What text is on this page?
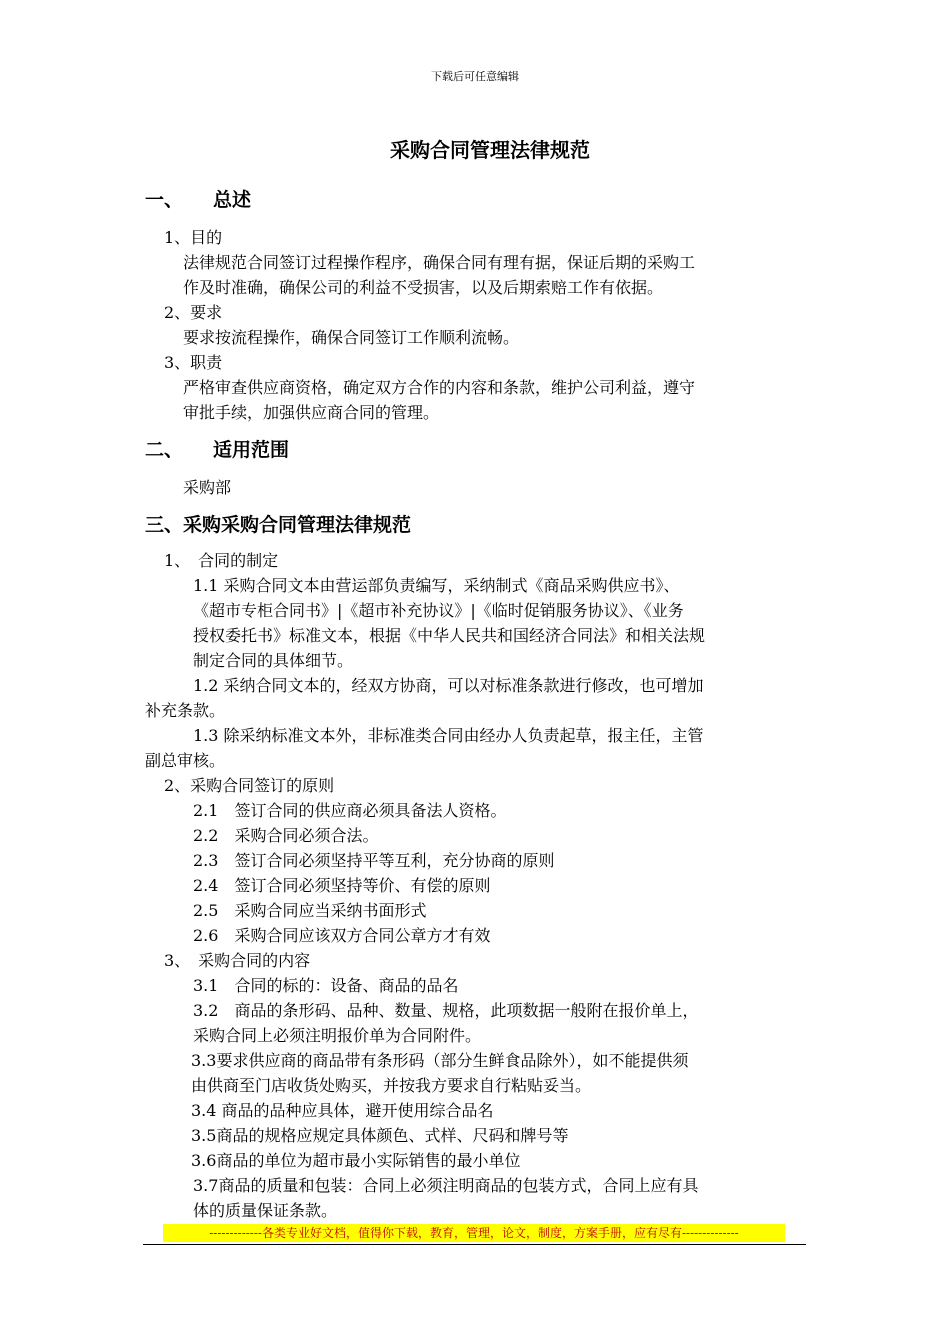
下载后可任意编辑
采购合同管理法律规范
一、 总述
1、目的
法律规范合同签订过程操作程序，确保合同有理有据，保证后期的采购工
作及时准确，确保公司的利益不受损害，以及后期索赔工作有依据。
2、要求
要求按流程操作，确保合同签订工作顺利流畅。
3、职责
严格审查供应商资格，确定双方合作的内容和条款，维护公司利益，遵守
审批手续，加强供应商合同的管理。
二、 适用范围
采购部
三、采购采购合同管理法律规范
1、　合同的制定
1.1 采购合同文本由营运部负责编写，采纳制式《商品采购供应书》、
《超市专柜合同书》|《超市补充协议》|《临时促销服务协议》、《业务
授权委托书》标准文本，根据《中华人民共和国经济合同法》和相关法规
制定合同的具体细节。
1.2 采纳合同文本的，经双方协商，可以对标准条款进行修改，也可增加
补充条款。
1.3 除采纳标准文本外，非标准类合同由经办人负责起草，报主任，主管
副总审核。
2、采购合同签订的原则
2.1　签订合同的供应商必须具备法人资格。
2.2　采购合同必须合法。
2.3　签订合同必须坚持平等互利，充分协商的原则
2.4　签订合同必须坚持等价、有偿的原则
2.5　采购合同应当采纳书面形式
2.6　采购合同应该双方合同公章方才有效
3、　采购合同的内容
3.1　合同的标的：设备、商品的品名
3.2　商品的条形码、品种、数量、规格，此项数据一般附在报价单上，
采购合同上必须注明报价单为合同附件。
3.3要求供应商的商品带有条形码（部分生鲜食品除外），如不能提供须
由供商至门店收货处购买，并按我方要求自行粘贴妥当。
3.4 商品的品种应具体，避开使用综合品名
3.5商品的规格应规定具体颜色、式样、尺码和牌号等
3.6商品的单位为超市最小实际销售的最小单位
3.7商品的质量和包装：合同上必须注明商品的包装方式，合同上应有具
体的质量保证条款。
-------------各类专业好文档，值得你下载，教育，管理，论文，制度，方案手册，应有尽有--------------
